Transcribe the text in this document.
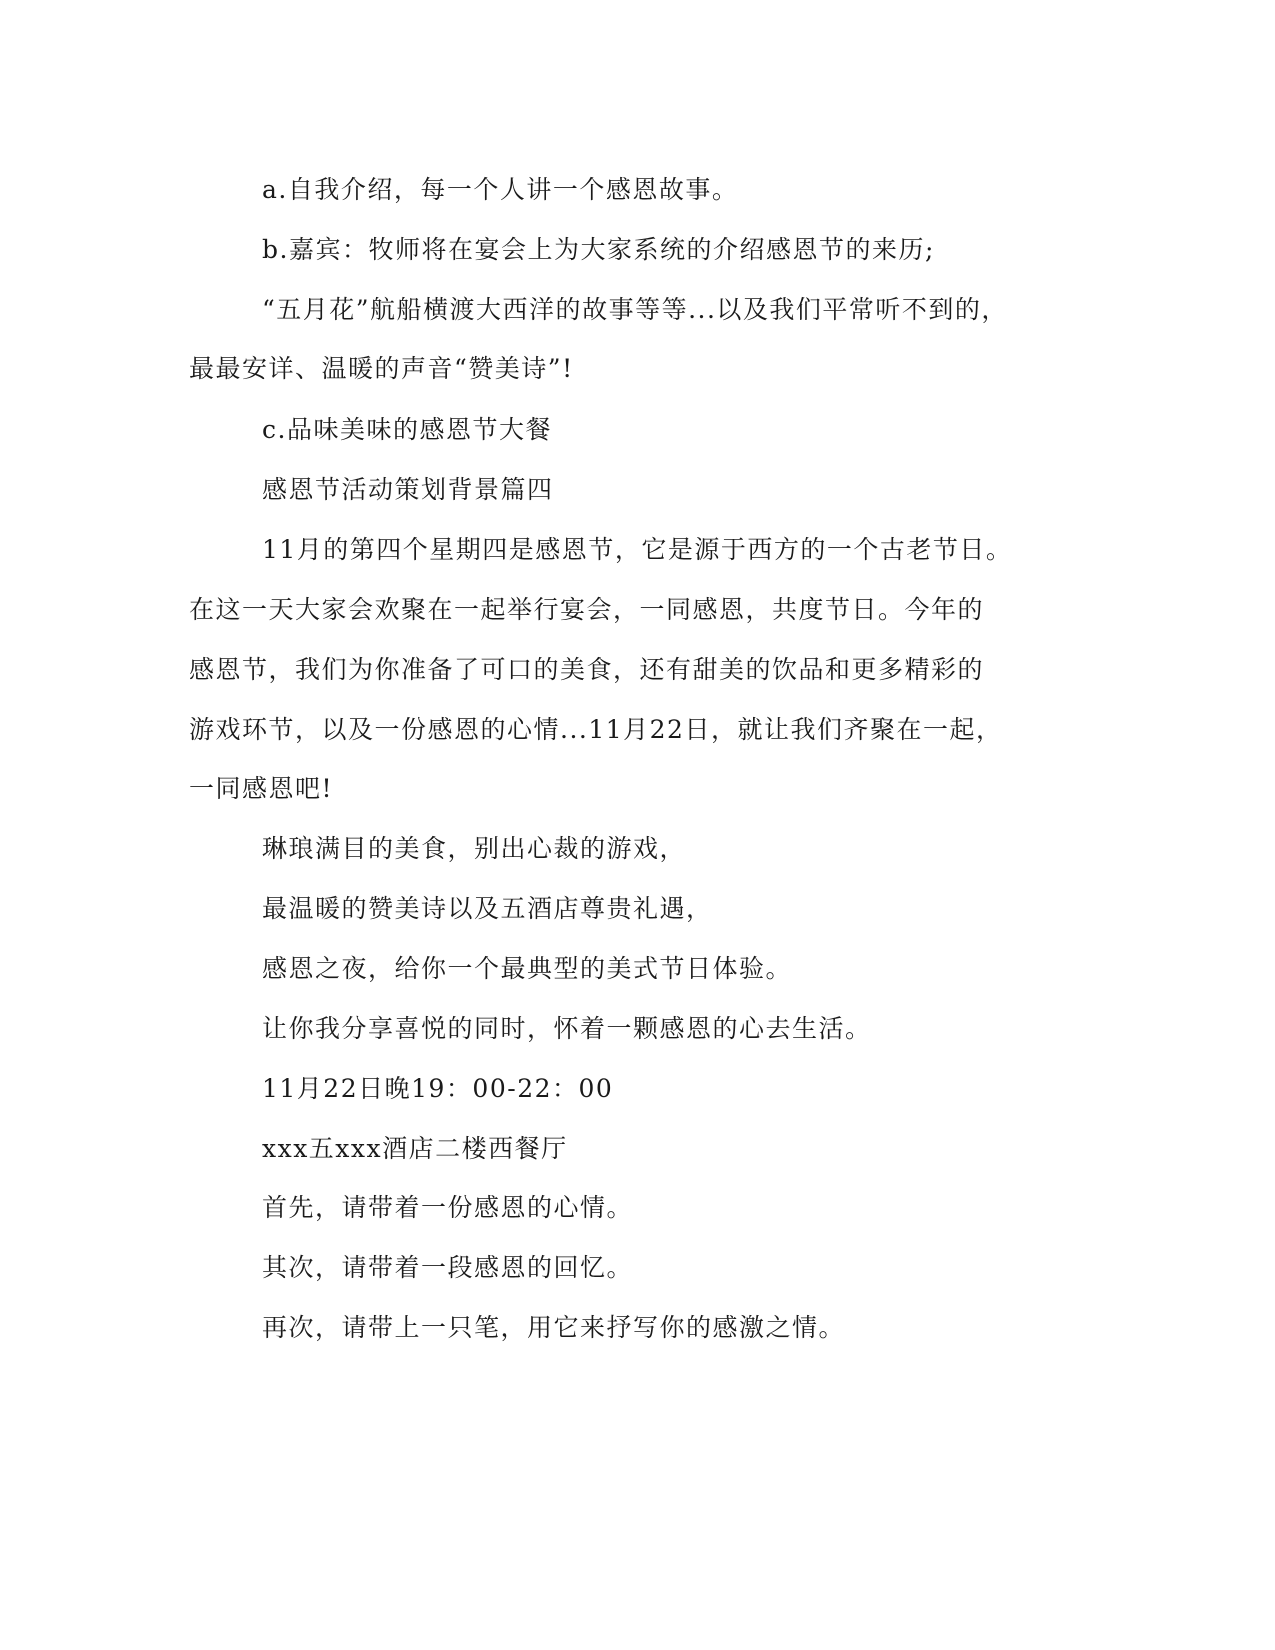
a.自我介绍，每一个人讲一个感恩故事。
b.嘉宾：牧师将在宴会上为大家系统的介绍感恩节的来历;
“五月花”航船横渡大西洋的故事等等...以及我们平常听不到的，
最最安详、温暖的声音“赞美诗”!
c.品味美味的感恩节大餐
感恩节活动策划背景篇四
11月的第四个星期四是感恩节，它是源于西方的一个古老节日。
在这一天大家会欢聚在一起举行宴会，一同感恩，共度节日。今年的
感恩节，我们为你准备了可口的美食，还有甜美的饮品和更多精彩的
游戏环节，以及一份感恩的心情...11月22日，就让我们齐聚在一起，
一同感恩吧!
琳琅满目的美食，别出心裁的游戏，
最温暖的赞美诗以及五酒店尊贵礼遇，
感恩之夜，给你一个最典型的美式节日体验。
让你我分享喜悦的同时，怀着一颗感恩的心去生活。
11月22日晚19：00-22：00
xxx五xxx酒店二楼西餐厅
首先，请带着一份感恩的心情。
其次，请带着一段感恩的回忆。
再次，请带上一只笔，用它来抒写你的感激之情。
